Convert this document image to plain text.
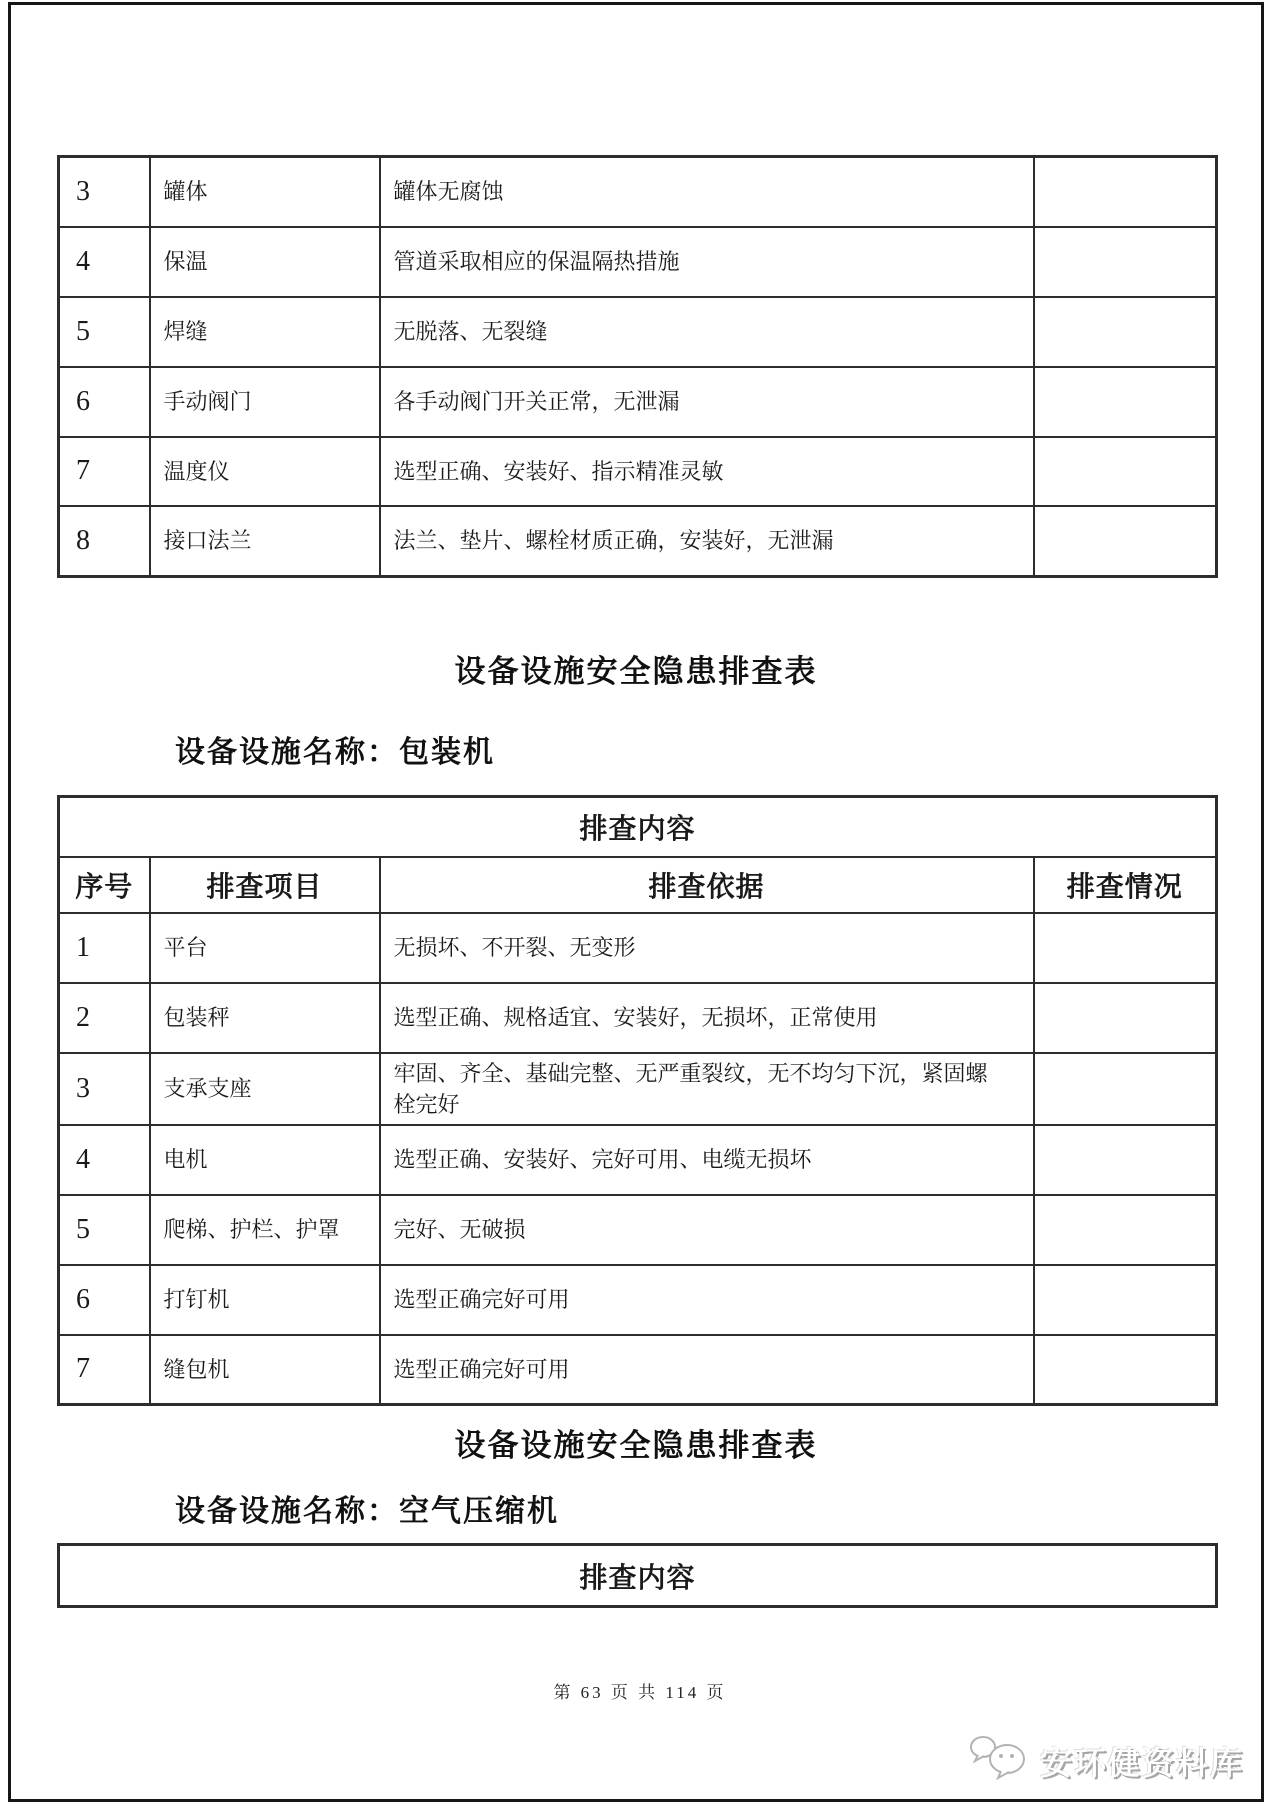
3	罐体	罐体无腐蚀	
4	保温	管道采取相应的保温隔热措施	
5	焊缝	无脱落、无裂缝	
6	手动阀门	各手动阀门开关正常，无泄漏	
7	温度仪	选型正确、安装好、指示精准灵敏	
8	接口法兰	法兰、垫片、螺栓材质正确，安装好，无泄漏	
设备设施安全隐患排查表
设备设施名称：包装机
排查内容			
序号	排查项目	排查依据	排查情况
1	平台	无损坏、不开裂、无变形	
2	包装秤	选型正确、规格适宜、安装好，无损坏，正常使用	
3	支承支座	牢固、齐全、基础完整、无严重裂纹，无不均匀下沉，紧固螺栓完好	
4	电机	选型正确、安装好、完好可用、电缆无损坏	
5	爬梯、护栏、护罩	完好、无破损	
6	打钉机	选型正确完好可用	
7	缝包机	选型正确完好可用	
设备设施安全隐患排查表
设备设施名称：空气压缩机
排查内容
第 63 页 共 114 页
安环健资料库
